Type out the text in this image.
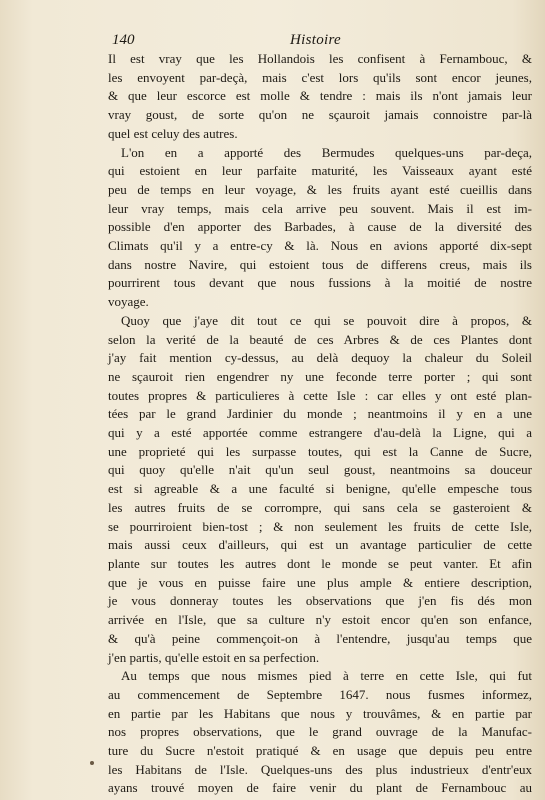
140	Histoire

Il est vray que les Hollandois les confisent à Fernambouc, &
les envoyent par-deçà, mais c'est lors qu'ils sont encor jeunes,
& que leur escorce est molle & tendre : mais ils n'ont jamais leur
vray goust, de sorte qu'on ne sçauroit jamais connoistre par-là
quel est celuy des autres.

L'on en a apporté des Bermudes quelques-uns par-deça,
qui estoient en leur parfaite maturité, les Vaisseaux ayant esté
peu de temps en leur voyage, & les fruits ayant esté cueillis dans
leur vray temps, mais cela arrive peu souvent. Mais il est im-
possible d'en apporter des Barbades, à cause de la diversité des
Climats qu'il y a entre-cy & là. Nous en avions apporté dix-sept
dans nostre Navire, qui estoient tous de differens creus, mais ils
pourrirent tous devant que nous fussions à la moitié de nostre
voyage.

Quoy que j'aye dit tout ce qui se pouvoit dire à propos, &
selon la verité de la beauté de ces Arbres & de ces Plantes dont
j'ay fait mention cy-dessus, au delà dequoy la chaleur du Soleil
ne sçauroit rien engendrer ny une feconde terre porter ; qui sont
toutes propres & particulieres à cette Isle : car elles y ont esté plan-
tées par le grand Jardinier du monde ; neantmoins il y en a une
qui y a esté apportée comme estrangere d'au-delà la Ligne, qui a
une proprieté qui les surpasse toutes, qui est la Canne de Sucre,
qui quoy qu'elle n'ait qu'un seul goust, neantmoins sa douceur
est si agreable & a une faculté si benigne, qu'elle empesche tous
les autres fruits de se corrompre, qui sans cela se gasteroient &
se pourriroient bien-tost ; & non seulement les fruits de cette Isle,
mais aussi ceux d'ailleurs, qui est un avantage particulier de cette
plante sur toutes les autres dont le monde se peut vanter. Et afin
que je vous en puisse faire une plus ample & entiere description,
je vous donneray toutes les observations que j'en fis dés mon
arrivée en l'Isle, que sa culture n'y estoit encor qu'en son enfance,
& qu'à peine commençoit-on à l'entendre, jusqu'au temps que
j'en partis, qu'elle estoit en sa perfection.

Au temps que nous mismes pied à terre en cette Isle, qui fut
au commencement de Septembre 1647. nous fusmes informez,
en partie par les Habitans que nous y trouvâmes, & en partie par
nos propres observations, que le grand ouvrage de la Manufac-
ture du Sucre n'estoit pratiqué & en usage que depuis peu entre
les Habitans de l'Isle. Quelques-uns des plus industrieux d'entr'eux
ayans trouvé moyen de faire venir du plant de Fernambouc au
